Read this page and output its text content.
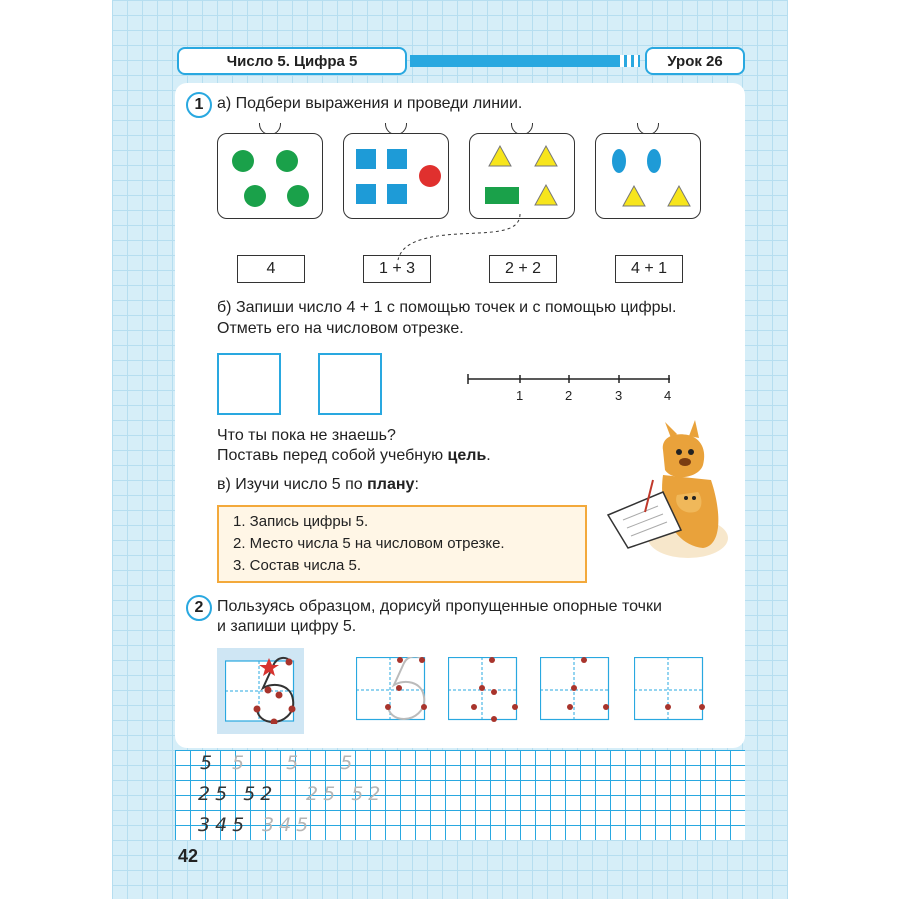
Число 5. Цифра 5	Урок 26
1 а) Подбери выражения и проведи линии.
4	1 + 3	2 + 2	4 + 1
б) Запиши число 4 + 1 с помощью точек и с помощью цифры.
Отметь его на числовом отрезке.
1	2	3	4
Что ты пока не знаешь?
Поставь перед собой учебную цель.
в) Изучи число 5 по плану:
1. Запись цифры 5.
2. Место числа 5 на числовом отрезке.
3. Состав числа 5.
2 Пользуясь образцом, дорисуй пропущенные опорные точки
и запиши цифру 5.
5 5 5 5
25 52 25 52
345 345
42
